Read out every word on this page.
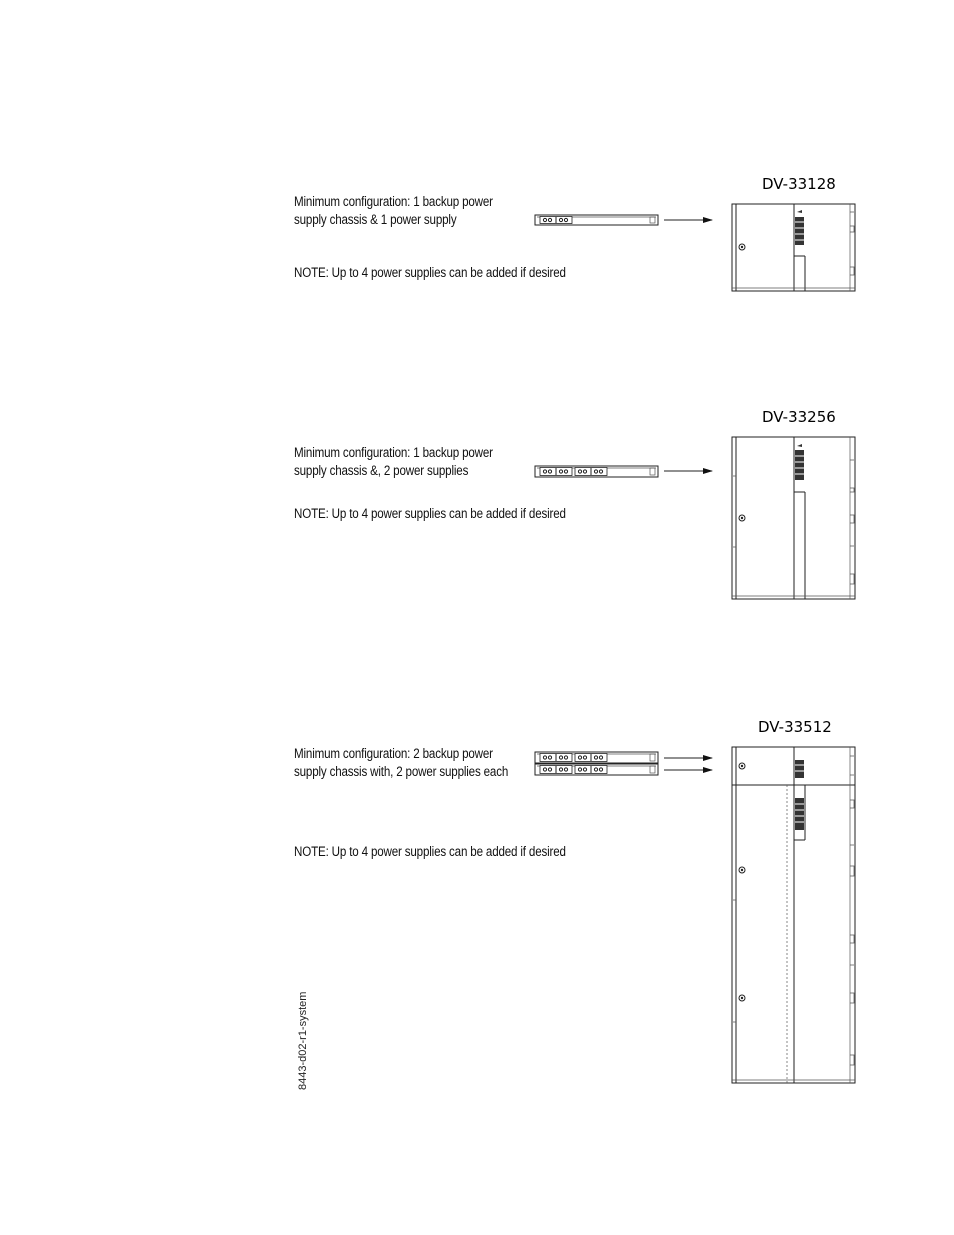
DV-33128
Minimum configuration: 1 backup power
supply chassis & 1 power supply
NOTE: Up to 4 power supplies can be added if desired
DV-33256
Minimum configuration: 1 backup power
supply chassis &, 2 power supplies
NOTE: Up to 4 power supplies can be added if desired
DV-33512
Minimum configuration: 2 backup power
supply chassis with, 2 power supplies each
NOTE: Up to 4 power supplies can be added if desired
8443-d02-r1-system
